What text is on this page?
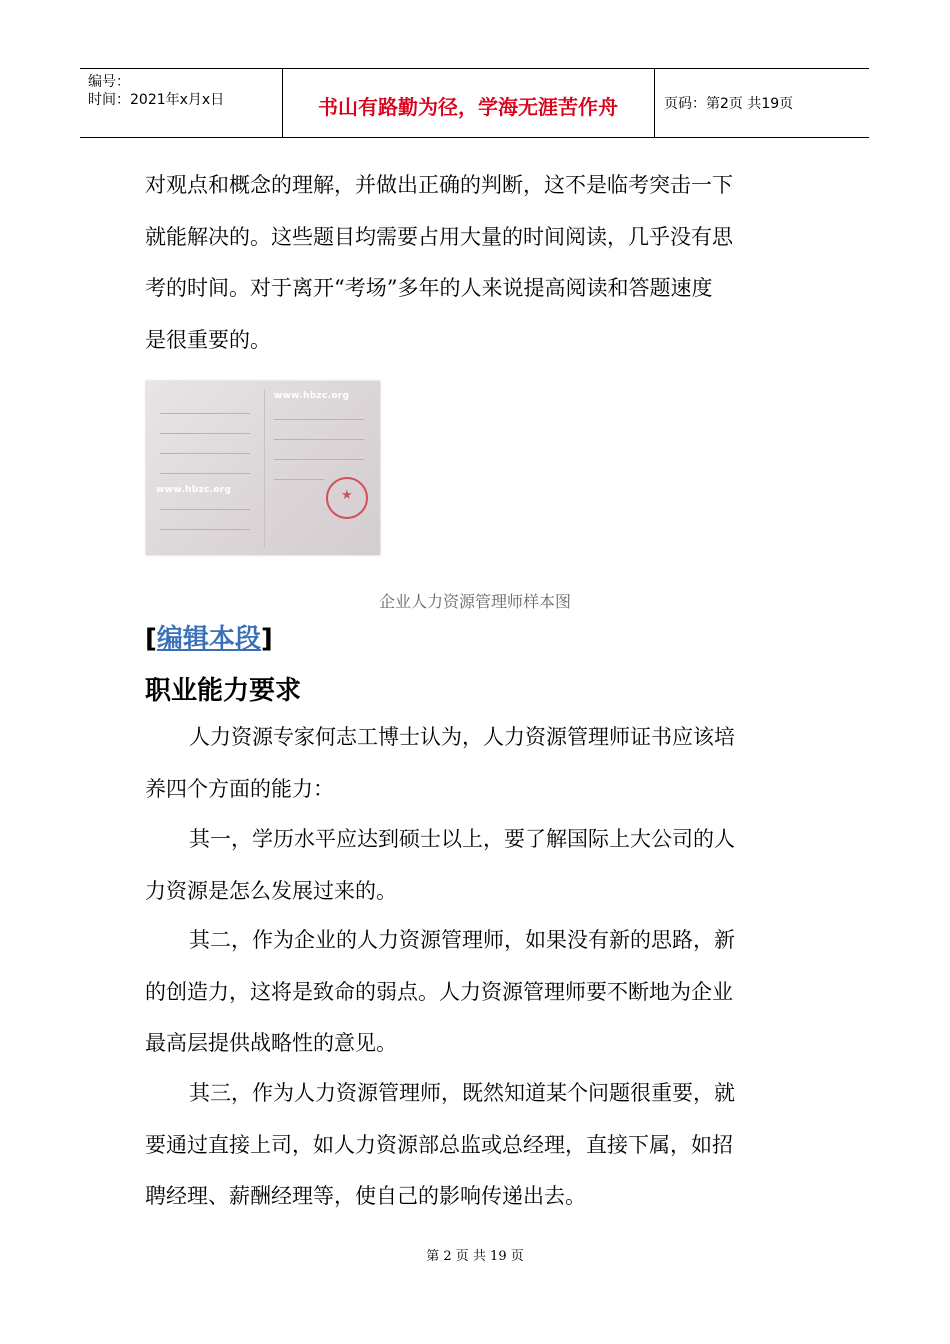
编号：
时间：2021年x月x日	书山有路勤为径，学海无涯苦作舟	页码：第2页 共19页

对观点和概念的理解，并做出正确的判断，这不是临考突击一下
就能解决的。这些题目均需要占用大量的时间阅读，几乎没有思
考的时间。对于离开“考场”多年的人来说提高阅读和答题速度
是很重要的。

www.hbzc.org
www.hbzc.org	★
企业人力资源管理师样本图
[编辑本段]
职业能力要求

人力资源专家何志工博士认为，人力资源管理师证书应该培
养四个方面的能力：

其一，学历水平应达到硕士以上，要了解国际上大公司的人
力资源是怎么发展过来的。

其二，作为企业的人力资源管理师，如果没有新的思路，新
的创造力，这将是致命的弱点。人力资源管理师要不断地为企业
最高层提供战略性的意见。

其三，作为人力资源管理师，既然知道某个问题很重要，就
要通过直接上司，如人力资源部总监或总经理，直接下属，如招
聘经理、薪酬经理等，使自己的影响传递出去。

第 2 页 共 19 页
